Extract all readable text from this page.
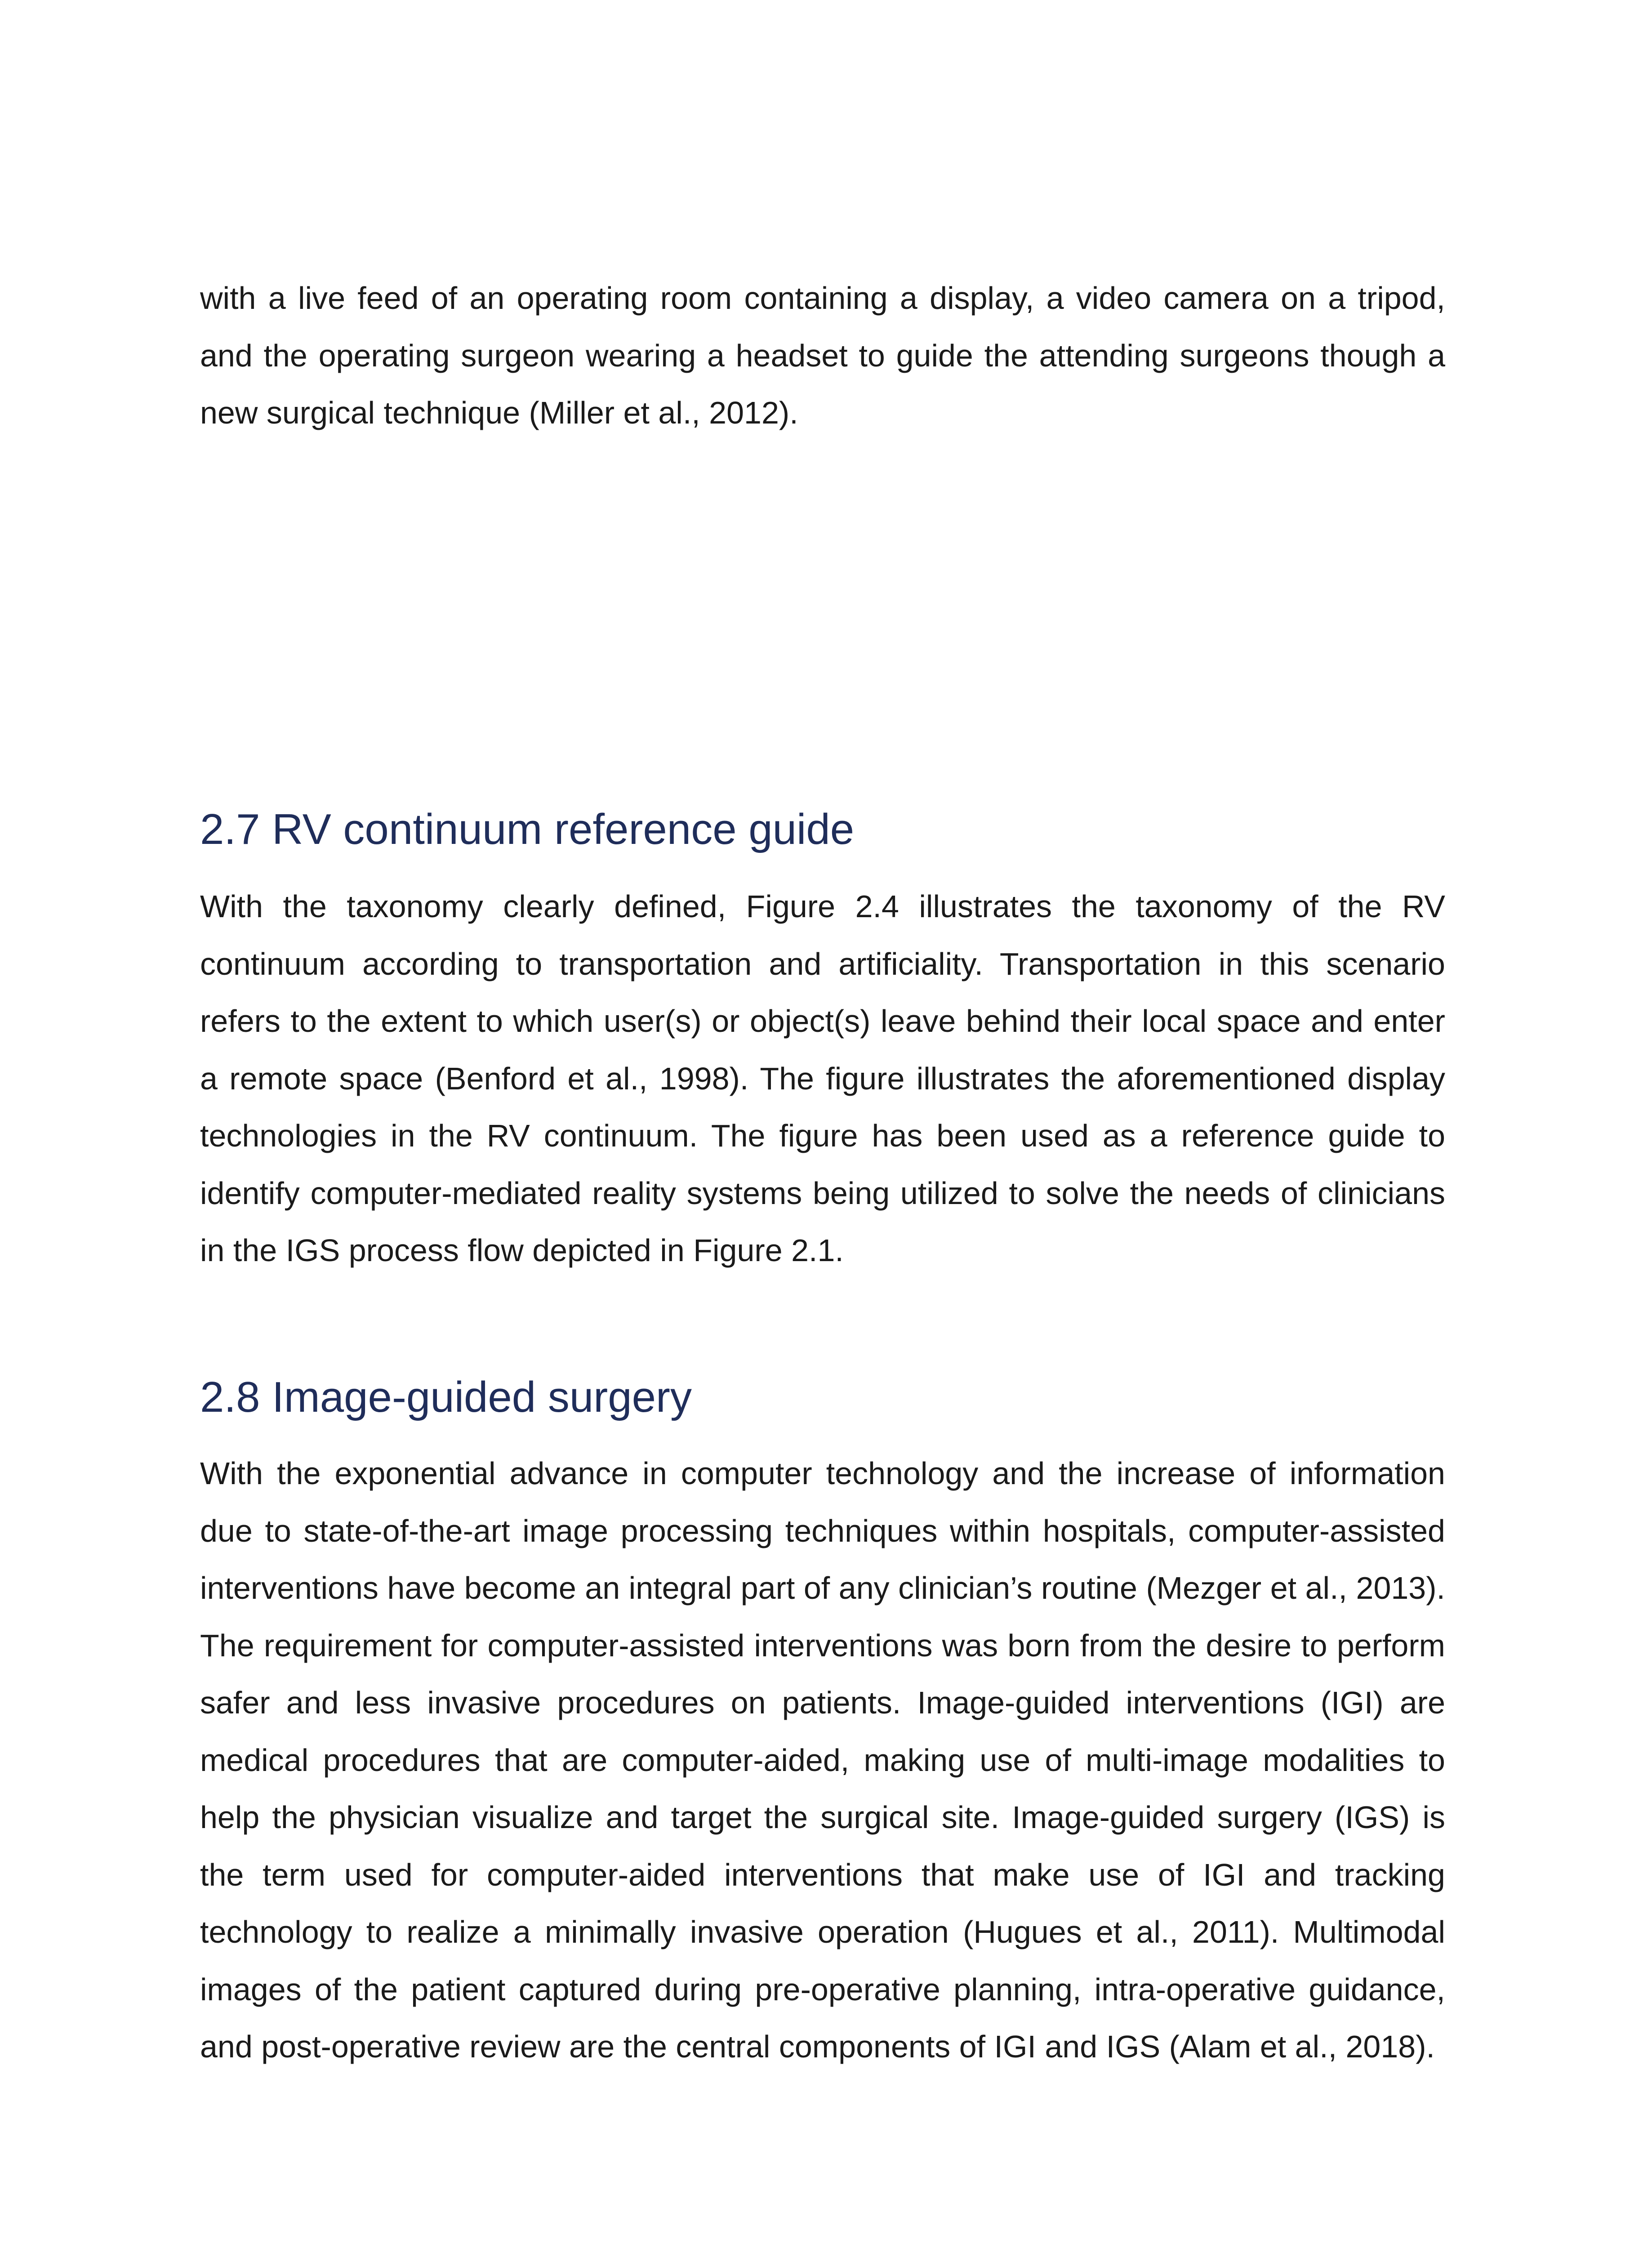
with a live feed of an operating room containing a display, a video camera on a tripod, and the operating surgeon wearing a headset to guide the attending surgeons though a new surgical technique (Miller et al., 2012).

2.7 RV continuum reference guide

With the taxonomy clearly defined, Figure 2.4 illustrates the taxonomy of the RV continuum according to transportation and artificiality. Transportation in this scenario refers to the extent to which user(s) or object(s) leave behind their local space and enter a remote space (Benford et al., 1998). The figure illustrates the aforementioned display technologies in the RV continuum. The figure has been used as a reference guide to identify computer-mediated reality systems being utilized to solve the needs of clinicians in the IGS process flow depicted in Figure 2.1.

2.8 Image-guided surgery

With the exponential advance in computer technology and the increase of information due to state-of-the-art image processing techniques within hospitals, computer-assisted interventions have become an integral part of any clinician’s routine (Mezger et al., 2013). The requirement for computer-assisted interventions was born from the desire to perform safer and less invasive procedures on patients. Image-guided interventions (IGI) are medical procedures that are computer-aided, making use of multi-image modalities to help the physician visualize and target the surgical site. Image-guided surgery (IGS) is the term used for computer-aided interventions that make use of IGI and tracking technology to realize a minimally invasive operation (Hugues et al., 2011). Multimodal images of the patient captured during pre-operative planning, intra-operative guidance, and post-operative review are the central components of IGI and IGS (Alam et al., 2018).
